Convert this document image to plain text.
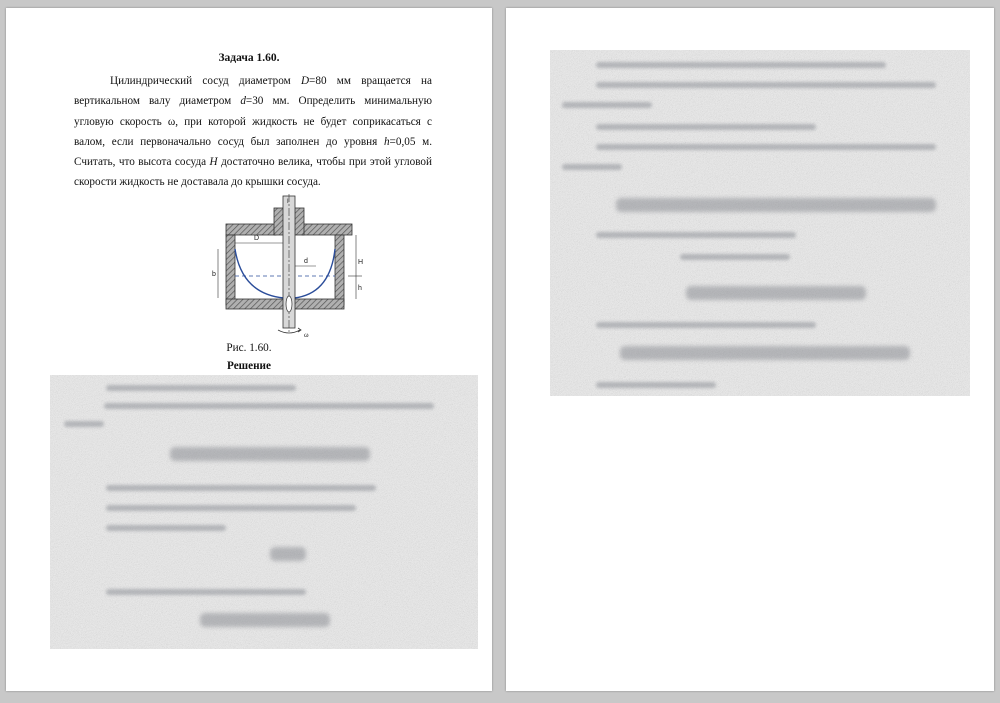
Задача 1.60.

Цилиндрический сосуд диаметром D=80 мм вращается на вертикальном валу диаметром d=30 мм. Определить минимальную угловую скорость ω, при которой жидкость не будет соприкасаться с валом, если первоначально сосуд был заполнен до уровня h=0,05 м. Считать, что высота сосуда H достаточно велика, чтобы при этой угловой скорости жидкость не доставала до крышки сосуда.

D
d
b
H
h
I
ω
Рис. 1.60.
Решение
